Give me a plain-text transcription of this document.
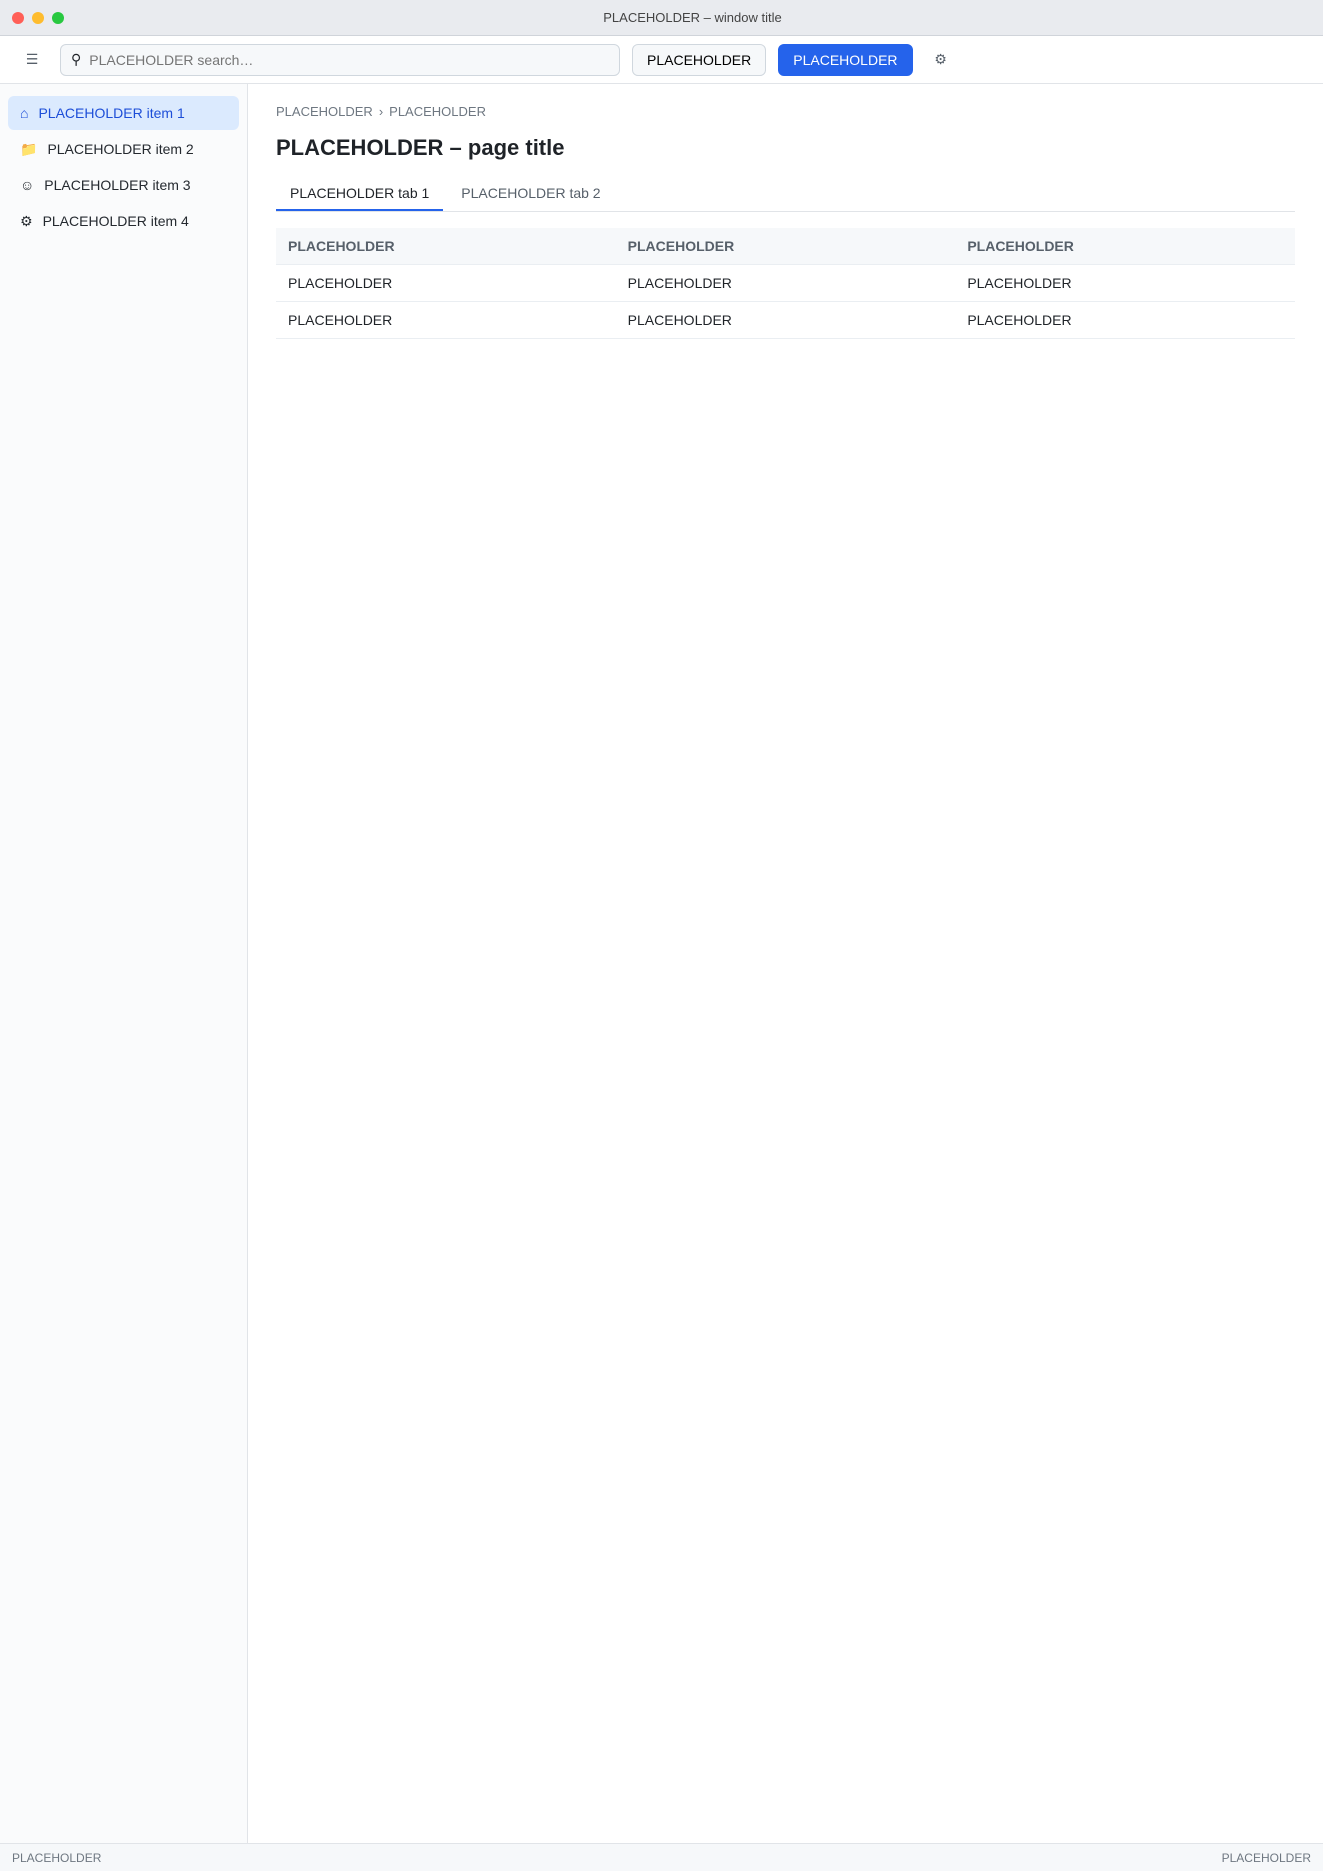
PLACEHOLDER – window title
☰ ⚲
PLACEHOLDER search…	PLACEHOLDER	PLACEHOLDER	⚙
⌂ PLACEHOLDER item 1
📁 PLACEHOLDER item 2
☺ PLACEHOLDER item 3
⚙ PLACEHOLDER item 4
PLACEHOLDER › PLACEHOLDER
PLACEHOLDER – page title
PLACEHOLDER tab 1	PLACEHOLDER tab 2
PLACEHOLDER	PLACEHOLDER	PLACEHOLDER
PLACEHOLDER	PLACEHOLDER	PLACEHOLDER
PLACEHOLDER	PLACEHOLDER	PLACEHOLDER
PLACEHOLDER	PLACEHOLDER
